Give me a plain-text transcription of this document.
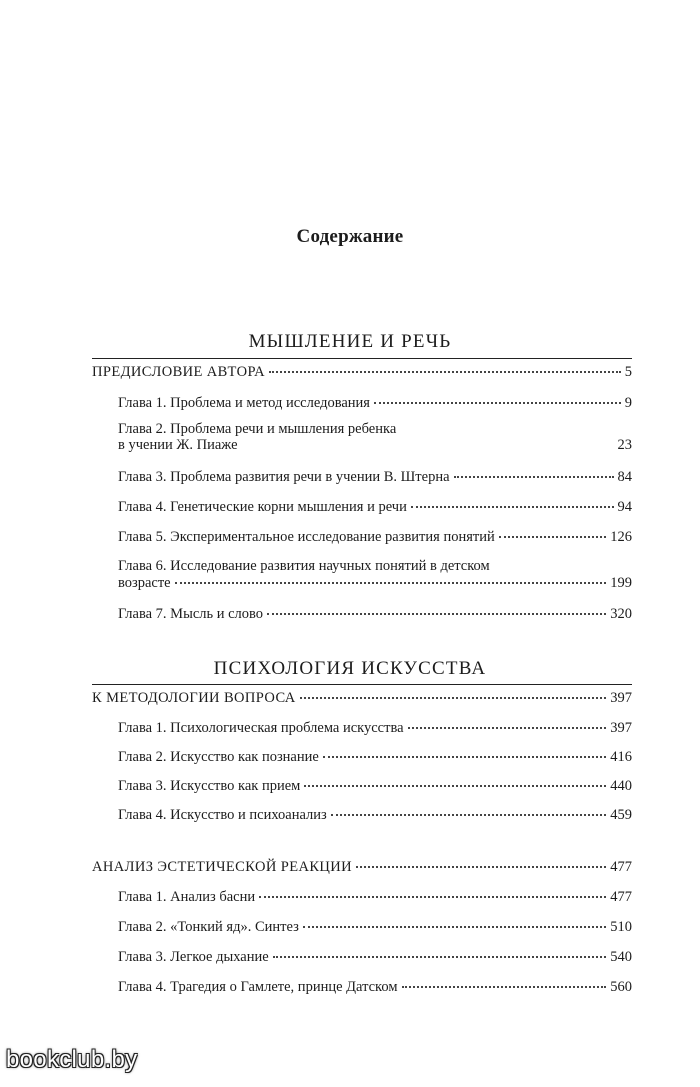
Содержание
МЫШЛЕНИЕ И РЕЧЬ
ПРЕДИСЛОВИЕ АВТОРА	5
Глава 1. Проблема и метод исследования	9
Глава 2. Проблема речи и мышления ребенка
в учении Ж. Пиаже	23
Глава 3. Проблема развития речи в учении В. Штерна	84
Глава 4. Генетические корни мышления и речи	94
Глава 5. Экспериментальное исследование развития понятий	126
Глава 6. Исследование развития научных понятий в детском
возрасте	199
Глава 7. Мысль и слово	320
ПСИХОЛОГИЯ ИСКУССТВА
К МЕТОДОЛОГИИ ВОПРОСА	397
Глава 1. Психологическая проблема искусства	397
Глава 2. Искусство как познание	416
Глава 3. Искусство как прием	440
Глава 4. Искусство и психоанализ	459
АНАЛИЗ ЭСТЕТИЧЕСКОЙ РЕАКЦИИ	477
Глава 1. Анализ басни	477
Глава 2. «Тонкий яд». Синтез	510
Глава 3. Легкое дыхание	540
Глава 4. Трагедия о Гамлете, принце Датском	560
bookclub.by
